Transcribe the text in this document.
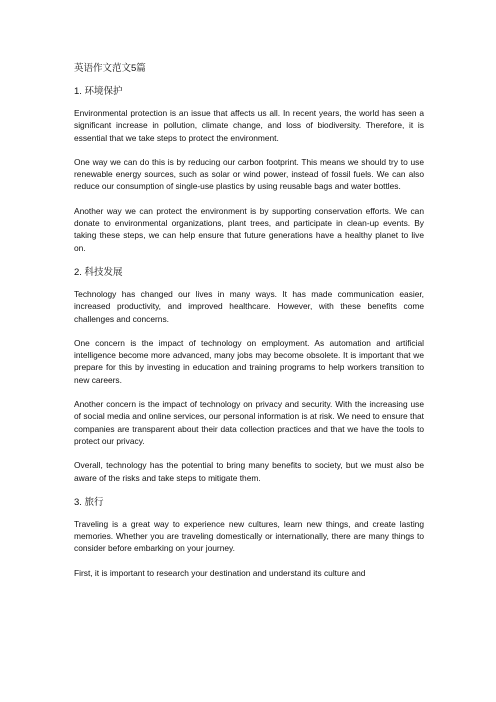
英语作文范文5篇
1. 环境保护

Environmental protection is an issue that affects us all. In recent years, the world has seen a significant increase in pollution, climate change, and loss of biodiversity. Therefore, it is essential that we take steps to protect the environment.

One way we can do this is by reducing our carbon footprint. This means we should try to use renewable energy sources, such as solar or wind power, instead of fossil fuels. We can also reduce our consumption of single-use plastics by using reusable bags and water bottles.

Another way we can protect the environment is by supporting conservation efforts. We can donate to environmental organizations, plant trees, and participate in clean-up events. By taking these steps, we can help ensure that future generations have a healthy planet to live on.

2. 科技发展

Technology has changed our lives in many ways. It has made communication easier, increased productivity, and improved healthcare. However, with these benefits come challenges and concerns.

One concern is the impact of technology on employment. As automation and artificial intelligence become more advanced, many jobs may become obsolete. It is important that we prepare for this by investing in education and training programs to help workers transition to new careers.

Another concern is the impact of technology on privacy and security. With the increasing use of social media and online services, our personal information is at risk. We need to ensure that companies are transparent about their data collection practices and that we have the tools to protect our privacy.

Overall, technology has the potential to bring many benefits to society, but we must also be aware of the risks and take steps to mitigate them.

3. 旅行

Traveling is a great way to experience new cultures, learn new things, and create lasting memories. Whether you are traveling domestically or internationally, there are many things to consider before embarking on your journey.

First, it is important to research your destination and understand its culture and
